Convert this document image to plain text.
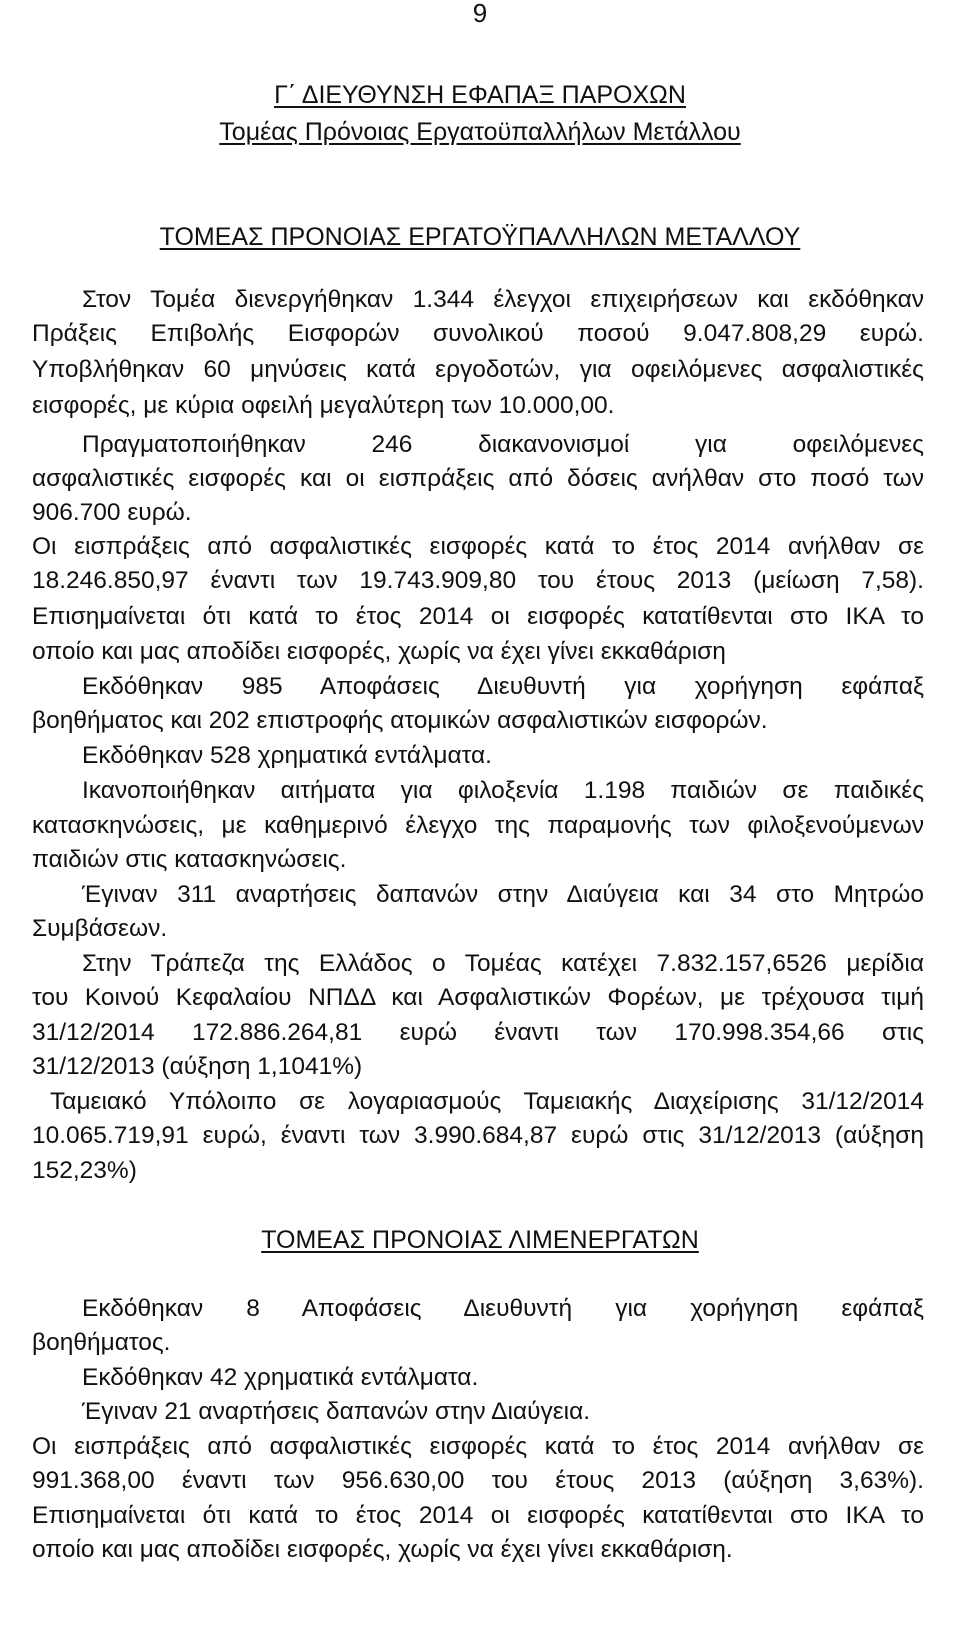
9
Γ΄ ΔΙΕΥΘΥΝΣΗ ΕΦΑΠΑΞ ΠΑΡΟΧΩΝ
Τομέας Πρόνοιας Εργατοϋπαλλήλων Μετάλλου
ΤΟΜΕΑΣ ΠΡΟΝΟΙΑΣ ΕΡΓΑΤΟΫΠΑΛΛΗΛΩΝ ΜΕΤΑΛΛΟΥ
Στον Τομέα διενεργήθηκαν 1.344 έλεγχοι επιχειρήσεων και εκδόθηκαν
Πράξεις Επιβολής Εισφορών συνολικού ποσού 9.047.808,29 ευρώ.
Υποβλήθηκαν 60 μηνύσεις κατά εργοδοτών, για οφειλόμενες ασφαλιστικές
εισφορές, με κύρια οφειλή μεγαλύτερη των 10.000,00.
Πραγματοποιήθηκαν 246 διακανονισμοί για οφειλόμενες
ασφαλιστικές εισφορές και οι εισπράξεις από δόσεις ανήλθαν στο ποσό των
906.700 ευρώ.
Οι εισπράξεις από ασφαλιστικές εισφορές κατά το έτος 2014 ανήλθαν σε
18.246.850,97 έναντι των 19.743.909,80 του έτους 2013 (μείωση 7,58).
Επισημαίνεται ότι κατά το έτος 2014 οι εισφορές κατατίθενται στο ΙΚΑ το
οποίο και μας αποδίδει εισφορές, χωρίς να έχει γίνει εκκαθάριση
Εκδόθηκαν 985 Αποφάσεις Διευθυντή για χορήγηση εφάπαξ
βοηθήματος και 202 επιστροφής ατομικών ασφαλιστικών εισφορών.
Εκδόθηκαν 528 χρηματικά εντάλματα.
Ικανοποιήθηκαν αιτήματα για φιλοξενία 1.198 παιδιών σε παιδικές
κατασκηνώσεις, με καθημερινό έλεγχο της παραμονής των φιλοξενούμενων
παιδιών στις κατασκηνώσεις.
Έγιναν 311 αναρτήσεις δαπανών στην Διαύγεια και 34 στο Μητρώο
Συμβάσεων.
Στην Τράπεζα της Ελλάδος ο Τομέας κατέχει 7.832.157,6526 μερίδια
του Κοινού Κεφαλαίου ΝΠΔΔ και Ασφαλιστικών Φορέων, με τρέχουσα τιμή
31/12/2014 172.886.264,81 ευρώ έναντι των 170.998.354,66 στις
31/12/2013 (αύξηση 1,1041%)
Ταμειακό Υπόλοιπο σε λογαριασμούς Ταμειακής Διαχείρισης 31/12/2014
10.065.719,91 ευρώ, έναντι των 3.990.684,87 ευρώ στις 31/12/2013 (αύξηση
152,23%)
ΤΟΜΕΑΣ ΠΡΟΝΟΙΑΣ ΛΙΜΕΝΕΡΓΑΤΩΝ
Εκδόθηκαν 8 Αποφάσεις Διευθυντή για χορήγηση εφάπαξ
βοηθήματος.
Εκδόθηκαν 42 χρηματικά εντάλματα.
Έγιναν 21 αναρτήσεις δαπανών στην Διαύγεια.
Οι εισπράξεις από ασφαλιστικές εισφορές κατά το έτος 2014 ανήλθαν σε
991.368,00 έναντι των 956.630,00 του έτους 2013 (αύξηση 3,63%).
Επισημαίνεται ότι κατά το έτος 2014 οι εισφορές κατατίθενται στο ΙΚΑ το
οποίο και μας αποδίδει εισφορές, χωρίς να έχει γίνει εκκαθάριση.
